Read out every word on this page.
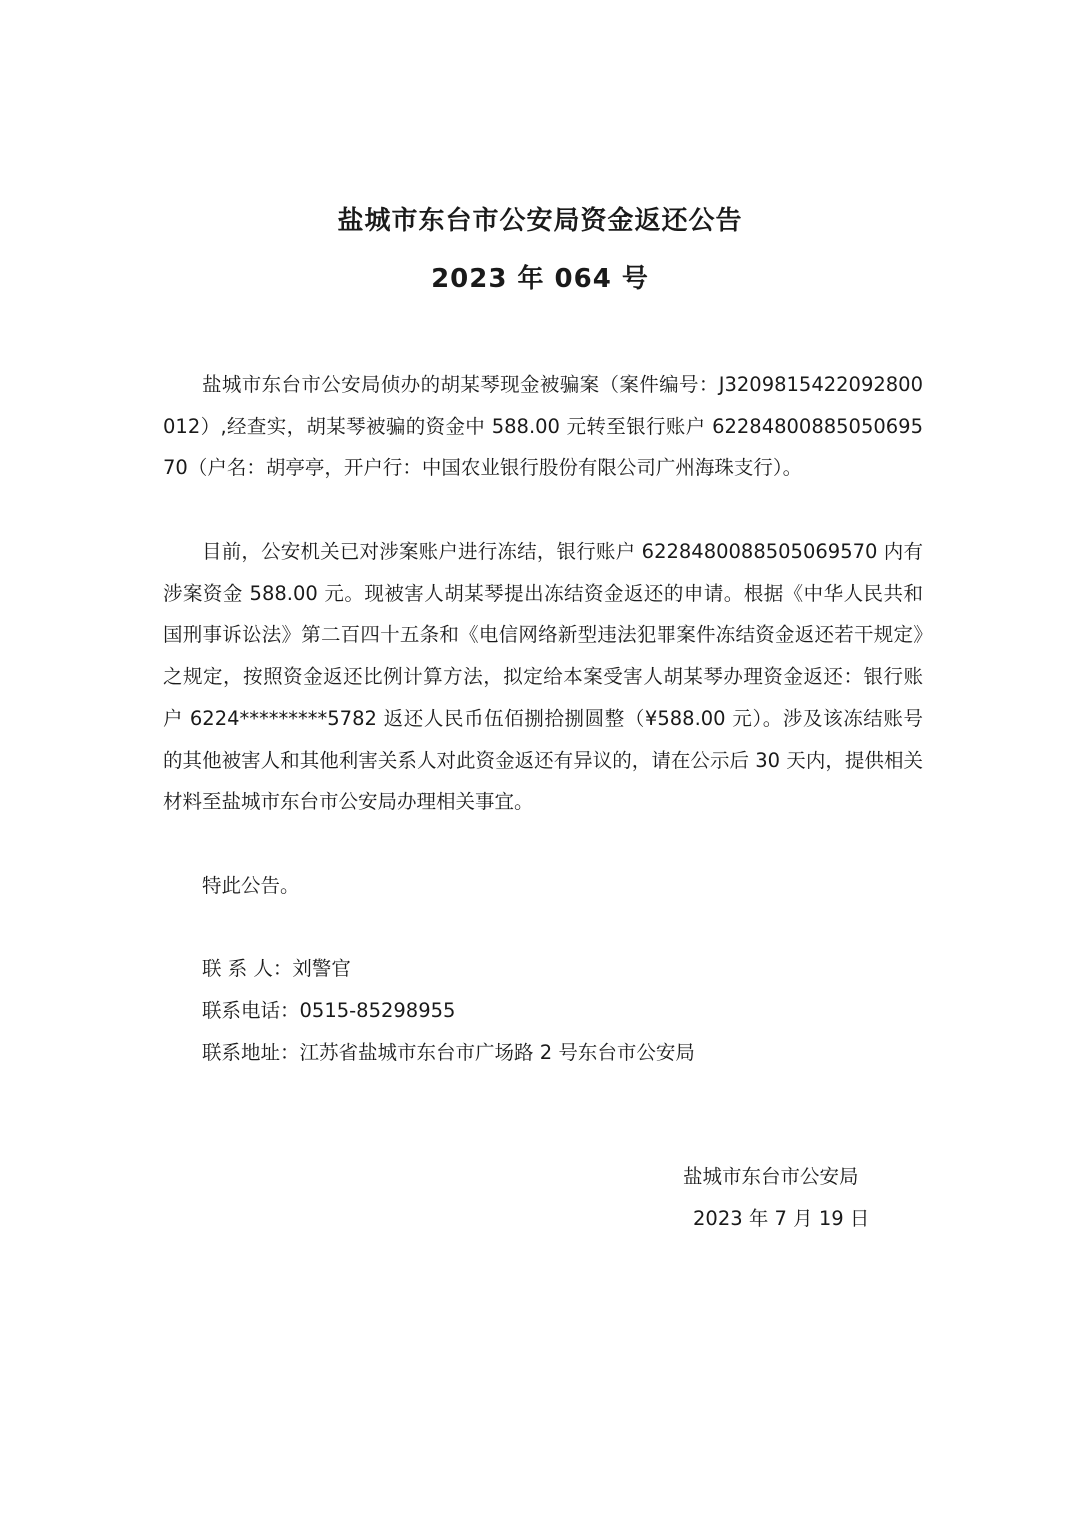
盐城市东台市公安局资金返还公告
2023 年 064 号

盐城市东台市公安局侦办的胡某琴现金被骗案（案件编号：J320981542209280001​2）,经查实，胡某琴被骗的资金中 588.00 元转至银行账户 6228480088505069570（户名：胡亭亭，开户行：中国农业银行股份有限公司广州海珠支行）。

目前，公安机关已对涉案账户进行冻结，银行账户 6228480088505069570 内有涉案资金 588.00 元。现被害人胡某琴提出冻结资金返还的申请。根据《中华人民共和国刑事诉讼法》第二百四十五条和《电信网络新型违法犯罪案件冻结资金返还若干规定》之规定，按照资金返还比例计算方法，拟定给本案受害人胡某琴办理资金返还：银行账户 6224*********5782 返还人民币伍佰捌拾捌圆整（¥588.00 元）。涉及该冻结账号的其他被害人和其他利害关系人对此资金返还有异议的，请在公示后 30 天内，提供相关材料至盐城市东台市公安局办理相关事宜。

特此公告。

联 系 人：刘警官
联系电话：0515-85298955
联系地址：江苏省盐城市东台市广场路 2 号东台市公安局
盐城市东台市公安局
2023 年 7 月 19 日
